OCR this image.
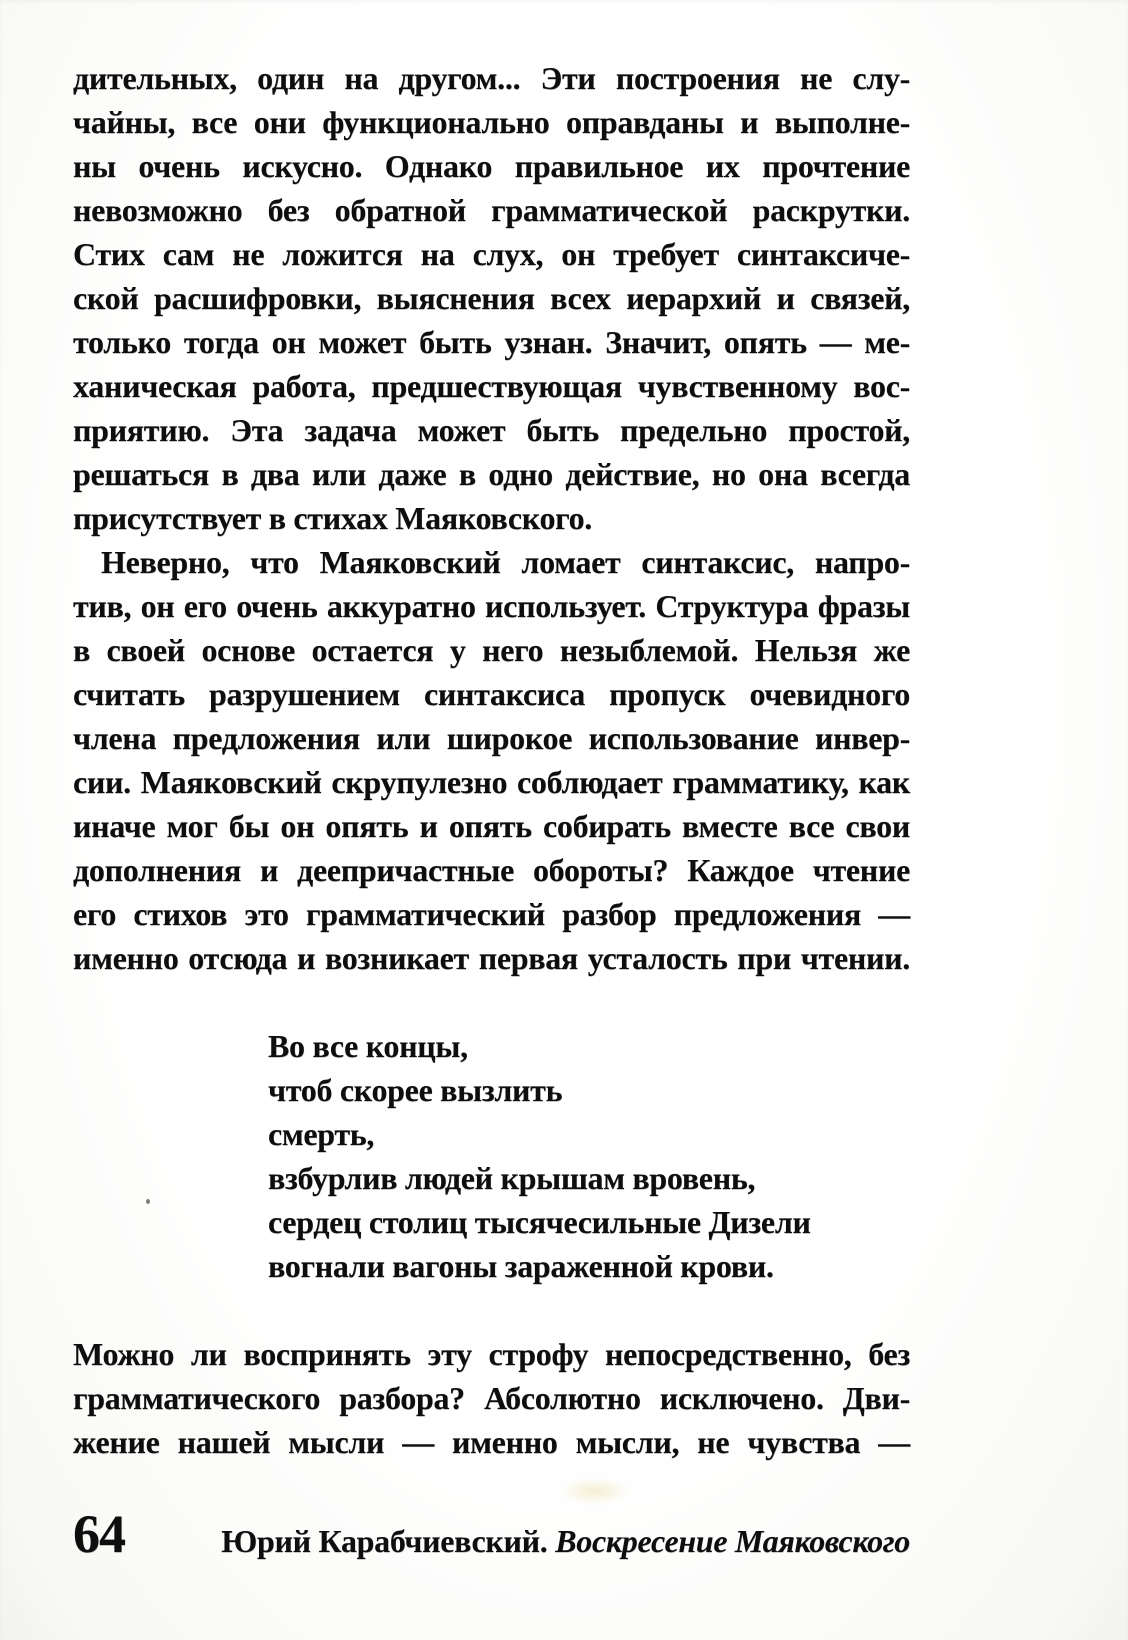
дительных, один на другом... Эти построения не слу-
чайны, все они функционально оправданы и выполне-
ны очень искусно. Однако правильное их прочтение
невозможно без обратной грамматической раскрутки.
Стих сам не ложится на слух, он требует синтаксиче-
ской расшифровки, выяснения всех иерархий и связей,
только тогда он может быть узнан. Значит, опять — ме-
ханическая работа, предшествующая чувственному вос-
приятию. Эта задача может быть предельно простой,
решаться в два или даже в одно действие, но она всегда
присутствует в стихах Маяковского.
Неверно, что Маяковский ломает синтаксис, напро-
тив, он его очень аккуратно использует. Структура фразы
в своей основе остается у него незыблемой. Нельзя же
считать разрушением синтаксиса пропуск очевидного
члена предложения или широкое использование инвер-
сии. Маяковский скрупулезно соблюдает грамматику, как
иначе мог бы он опять и опять собирать вместе все свои
дополнения и деепричастные обороты? Каждое чтение
его стихов это грамматический разбор предложения —
именно отсюда и возникает первая усталость при чтении.
Во все концы,
чтоб скорее вызлить
смерть,
взбурлив людей крышам вровень,
сердец столиц тысячесильные Дизели
вогнали вагоны зараженной крови.
Можно ли воспринять эту строфу непосредственно, без
грамматического разбора? Абсолютно исключено. Дви-
жение нашей мысли — именно мысли, не чувства —
64	Юрий Карабчиевский. Воскресение Маяковского
